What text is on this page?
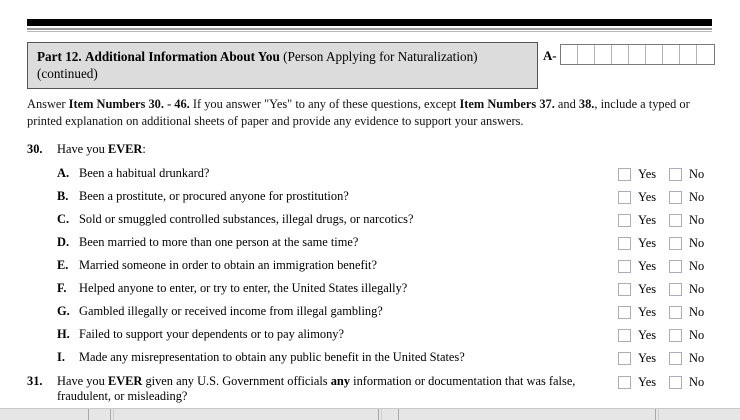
Part 12. Additional Information About You (Person Applying for Naturalization) (continued)
A-
Answer Item Numbers 30. - 46. If you answer "Yes" to any of these questions, except Item Numbers 37. and 38., include a typed or printed explanation on additional sheets of paper and provide any evidence to support your answers.
30. Have you EVER:
A. Been a habitual drunkard?	Yes	No
B. Been a prostitute, or procured anyone for prostitution?	Yes	No
C. Sold or smuggled controlled substances, illegal drugs, or narcotics?	Yes	No
D. Been married to more than one person at the same time?	Yes	No
E. Married someone in order to obtain an immigration benefit?	Yes	No
F. Helped anyone to enter, or try to enter, the United States illegally?	Yes	No
G. Gambled illegally or received income from illegal gambling?	Yes	No
H. Failed to support your dependents or to pay alimony?	Yes	No
I. Made any misrepresentation to obtain any public benefit in the United States?	Yes	No
31. Have you EVER given any U.S. Government officials any information or documentation that was false,
fraudulent, or misleading?
Yes	No
